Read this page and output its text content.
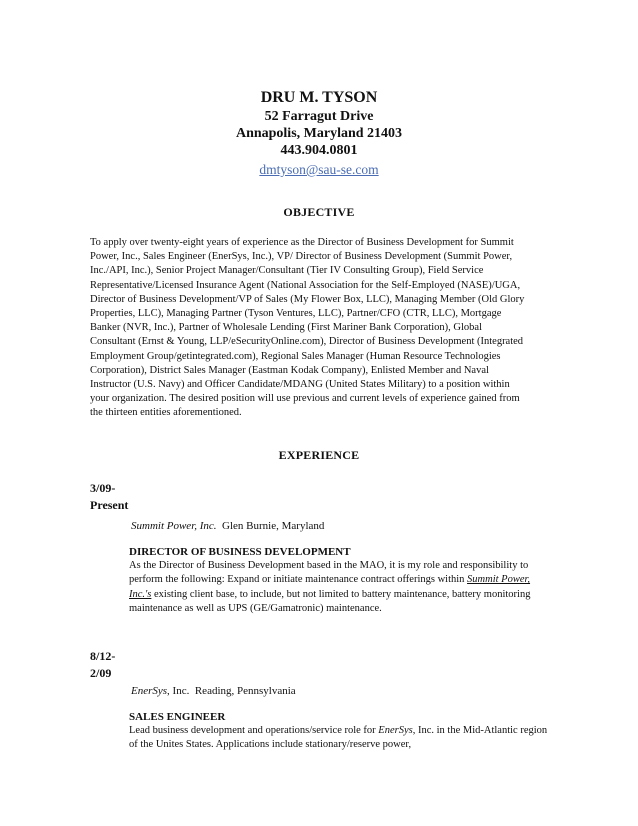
DRU M. TYSON
52 Farragut Drive
Annapolis, Maryland 21403
443.904.0801
dmtyson@sau-se.com
OBJECTIVE
To apply over twenty-eight years of experience as the Director of Business Development for Summit Power, Inc., Sales Engineer (EnerSys, Inc.), VP/ Director of Business Development (Summit Power, Inc./API, Inc.), Senior Project Manager/Consultant (Tier IV Consulting Group), Field Service Representative/Licensed Insurance Agent (National Association for the Self-Employed (NASE)/UGA, Director of Business Development/VP of Sales (My Flower Box, LLC), Managing Member (Old Glory Properties, LLC), Managing Partner (Tyson Ventures, LLC), Partner/CFO (CTR, LLC), Mortgage Banker (NVR, Inc.), Partner of Wholesale Lending (First Mariner Bank Corporation), Global Consultant (Ernst & Young, LLP/eSecurityOnline.com), Director of Business Development (Integrated Employment Group/getintegrated.com), Regional Sales Manager (Human Resource Technologies Corporation), District Sales Manager (Eastman Kodak Company), Enlisted Member and Naval Instructor (U.S. Navy) and Officer Candidate/MDANG (United States Military) to a position within your organization. The desired position will use previous and current levels of experience gained from the thirteen entities aforementioned.
EXPERIENCE
3/09-
Present
Summit Power, Inc. Glen Burnie, Maryland
DIRECTOR OF BUSINESS DEVELOPMENT
As the Director of Business Development based in the MAO, it is my role and responsibility to perform the following: Expand or initiate maintenance contract offerings within Summit Power, Inc.'s existing client base, to include, but not limited to battery maintenance, battery monitoring maintenance as well as UPS (GE/Gamatronic) maintenance.
8/12-
2/09
EnerSys, Inc. Reading, Pennsylvania
SALES ENGINEER
Lead business development and operations/service role for EnerSys, Inc. in the Mid-Atlantic region of the Unites States. Applications include stationary/reserve power,
